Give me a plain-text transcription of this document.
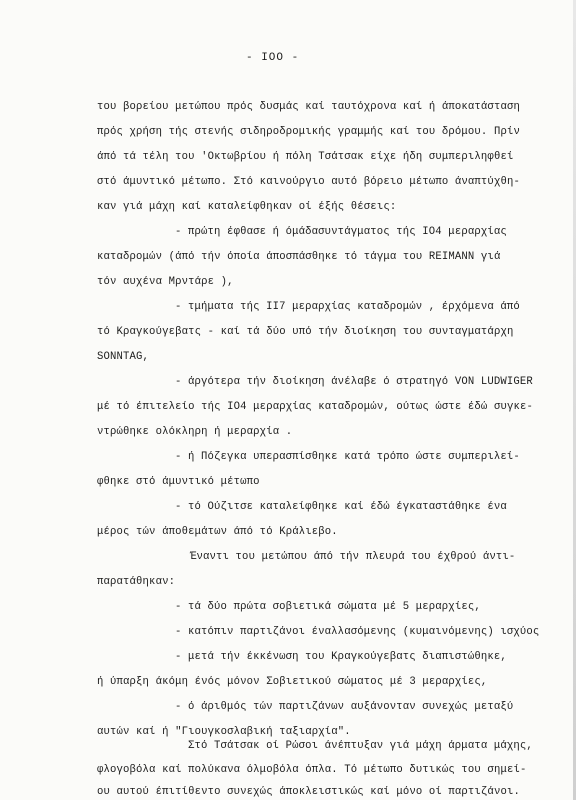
- IOO -
του βορείου μετώπου πρός δυσμάς καί ταυτόχρονα καί ή άποκατάσταση
πρός χρήση τής στενής σιδηροδρομικής γραμμής καί του δρόμου. Πρίν
άπό τά τέλη του 'Οκτωβρίου ή πόλη Τσάτσακ είχε ήδη συμπεριληφθεί
στό άμυντικό μέτωπο. Στό καινούργιο αυτό βόρειο μέτωπο άναπτύχθη-
καν γιά μάχη καί καταλείφθηκαν οί έξής θέσεις:
- πρώτη έφθασε ή όμάδασυντάγματος τής IO4 μεραρχίας
καταδρομών (άπό τήν όποία άποσπάσθηκε τό τάγμα του REIMANN γιά
τόν αυχένα Μρντάρε ),
- τμήματα τής II7 μεραρχίας καταδρομών , έρχόμενα άπό
τό Κραγκούγεβατς - καί τά δύο υπό τήν διοίκηση του συνταγματάρχη
SONNTAG,
- άργότερα τήν διοίκηση άνέλαβε ό στρατηγό VON LUDWIGER
μέ τό έπιτελείο τής IO4 μεραρχίας καταδρομών, ούτως ώστε έδώ συγκε-
ντρώθηκε ολόκληρη ή μεραρχία .
- ή Πόζεγκα υπερασπίσθηκε κατά τρόπο ώστε συμπεριλεί-
φθηκε στό άμυντικό μέτωπο
- τό Ούζιτσε καταλείφθηκε καί έδώ έγκαταστάθηκε ένα
μέρος τών άποθεμάτων άπό τό Κράλιεβο.
Έναντι του μετώπου άπό τήν πλευρά του έχθρού άντι-
παρατάθηκαν:
- τά δύο πρώτα σοβιετικά σώματα μέ 5 μεραρχίες,
- κατόπιν παρτιζάνοι έναλλασόμενης (κυμαινόμενης) ισχύος
- μετά τήν έκκένωση του Κραγκούγεβατς διαπιστώθηκε,
ή ύπαρξη άκόμη ένός μόνον Σοβιετικού σώματος μέ 3 μεραρχίες,
- ό άριθμός τών παρτιζάνων αυξάνονταν συνεχώς μεταξύ
αυτών καί ή "Γιουγκοσλαβική ταξιαρχία".
Στό Τσάτσακ οί Ρώσοι άνέπτυξαν γιά μάχη άρματα μάχης,
φλογοβόλα καί πολύκανα όλμοβόλα όπλα. Τό μέτωπο δυτικώς του σημεί-
ου αυτού έπιτίθεντο συνεχώς άποκλειστικώς καί μόνο οί παρτιζάνοι.
